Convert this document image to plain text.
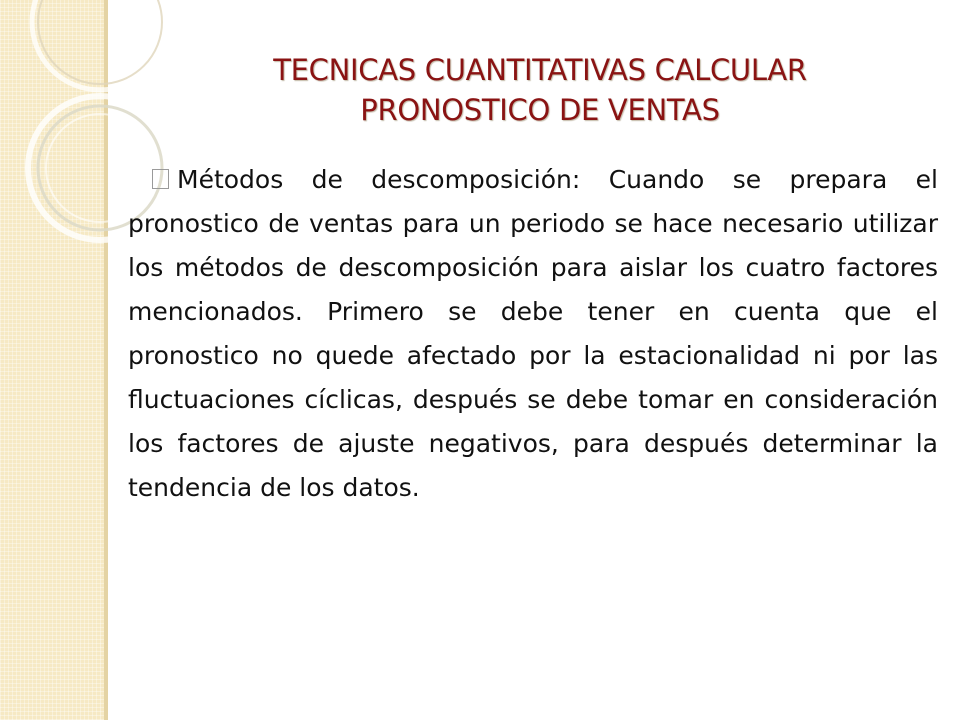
TECNICAS CUANTITATIVAS CALCULAR
PRONOSTICO DE VENTAS

Métodos de descomposición: Cuando se prepara el pronostico de ventas para un periodo se hace necesario utilizar los métodos de descomposición para aislar los cuatro factores mencionados. Primero se debe tener en cuenta que el pronostico no quede afectado por la estacionalidad ni por las fluctuaciones cíclicas, después se debe tomar en consideración los factores de ajuste negativos, para después determinar la tendencia de los datos.
